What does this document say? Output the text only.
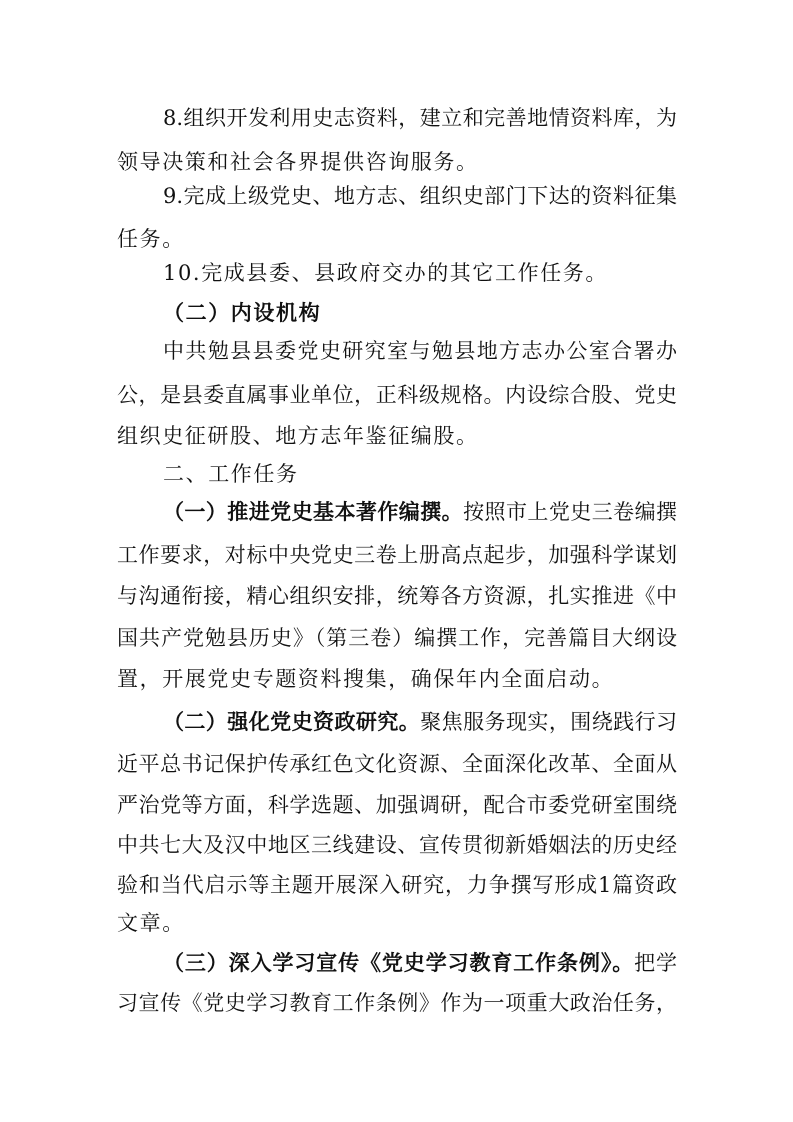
8.组织开发利用史志资料，建立和完善地情资料库，为
领导决策和社会各界提供咨询服务。
9.完成上级党史、地方志、组织史部门下达的资料征集
任务。
10.完成县委、县政府交办的其它工作任务。
（二）内设机构
中共勉县县委党史研究室与勉县地方志办公室合署办
公，是县委直属事业单位，正科级规格。内设综合股、党史
组织史征研股、地方志年鉴征编股。
二、工作任务
（一）推进党史基本著作编撰。按照市上党史三卷编撰
工作要求，对标中央党史三卷上册高点起步，加强科学谋划
与沟通衔接，精心组织安排，统筹各方资源，扎实推进《中
国共产党勉县历史》（第三卷）编撰工作，完善篇目大纲设
置，开展党史专题资料搜集，确保年内全面启动。
（二）强化党史资政研究。聚焦服务现实，围绕践行习
近平总书记保护传承红色文化资源、全面深化改革、全面从
严治党等方面，科学选题、加强调研，配合市委党研室围绕
中共七大及汉中地区三线建设、宣传贯彻新婚姻法的历史经
验和当代启示等主题开展深入研究，力争撰写形成1篇资政
文章。
（三）深入学习宣传《党史学习教育工作条例》。把学
习宣传《党史学习教育工作条例》作为一项重大政治任务，
